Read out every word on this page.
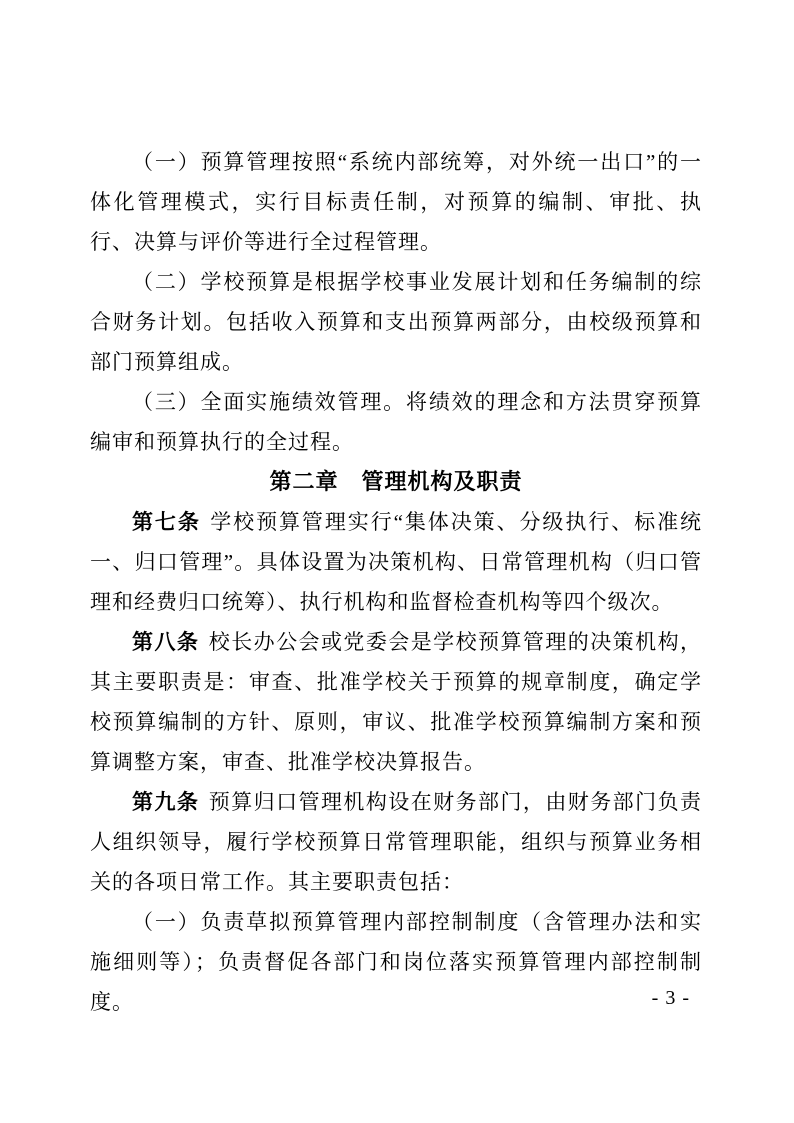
（一）预算管理按照“系统内部统筹，对外统一出口”的一体化管理模式，实行目标责任制，对预算的编制、审批、执行、决算与评价等进行全过程管理。

（二）学校预算是根据学校事业发展计划和任务编制的综合财务计划。包括收入预算和支出预算两部分，由校级预算和部门预算组成。

（三）全面实施绩效管理。将绩效的理念和方法贯穿预算编审和预算执行的全过程。

第二章　管理机构及职责

第七条 学校预算管理实行“集体决策、分级执行、标准统一、归口管理”。具体设置为决策机构、日常管理机构（归口管理和经费归口统筹）、执行机构和监督检查机构等四个级次。

第八条 校长办公会或党委会是学校预算管理的决策机构，其主要职责是：审查、批准学校关于预算的规章制度，确定学校预算编制的方针、原则，审议、批准学校预算编制方案和预算调整方案，审查、批准学校决算报告。

第九条 预算归口管理机构设在财务部门，由财务部门负责人组织领导，履行学校预算日常管理职能，组织与预算业务相关的各项日常工作。其主要职责包括：

（一）负责草拟预算管理内部控制制度（含管理办法和实施细则等）；负责督促各部门和岗位落实预算管理内部控制制度。	- 3 -
